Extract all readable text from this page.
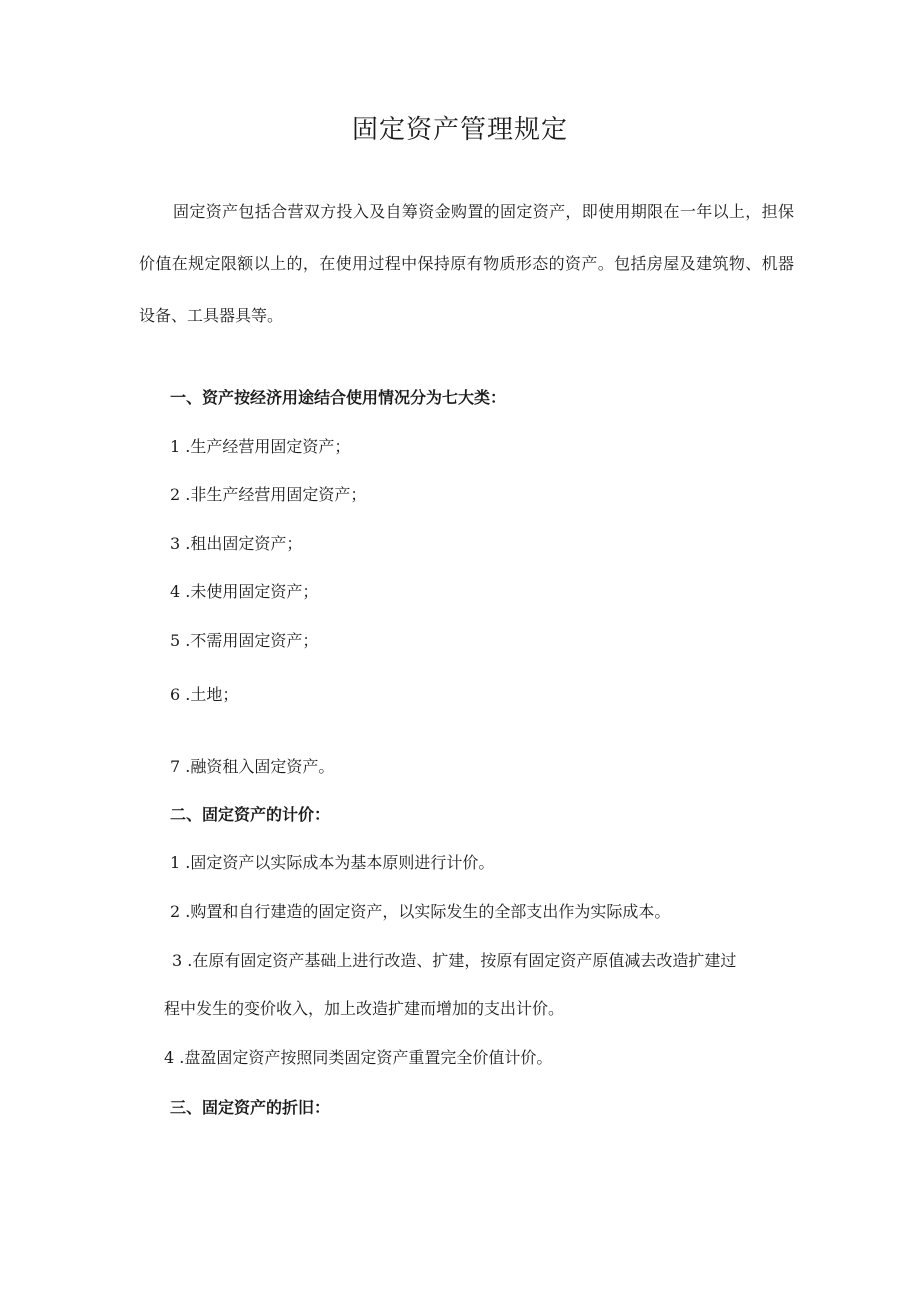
固定资产管理规定

固定资产包括合营双方投入及自筹资金购置的固定资产，即使用期限在一年以上，担保价值在规定限额以上的，在使用过程中保持原有物质形态的资产。包括房屋及建筑物、机器设备、工具器具等。

一、资产按经济用途结合使用情况分为七大类：
1 .生产经营用固定资产；
2 .非生产经营用固定资产；
3 .租出固定资产；
4 .未使用固定资产；
5 .不需用固定资产；
6 .土地；
7 .融资租入固定资产。
二、固定资产的计价：
1 .固定资产以实际成本为基本原则进行计价。
2 .购置和自行建造的固定资产，以实际发生的全部支出作为实际成本。
3 .在原有固定资产基础上进行改造、扩建，按原有固定资产原值减去改造扩建过
程中发生的变价收入，加上改造扩建而增加的支出计价。
4 .盘盈固定资产按照同类固定资产重置完全价值计价。
三、固定资产的折旧：
